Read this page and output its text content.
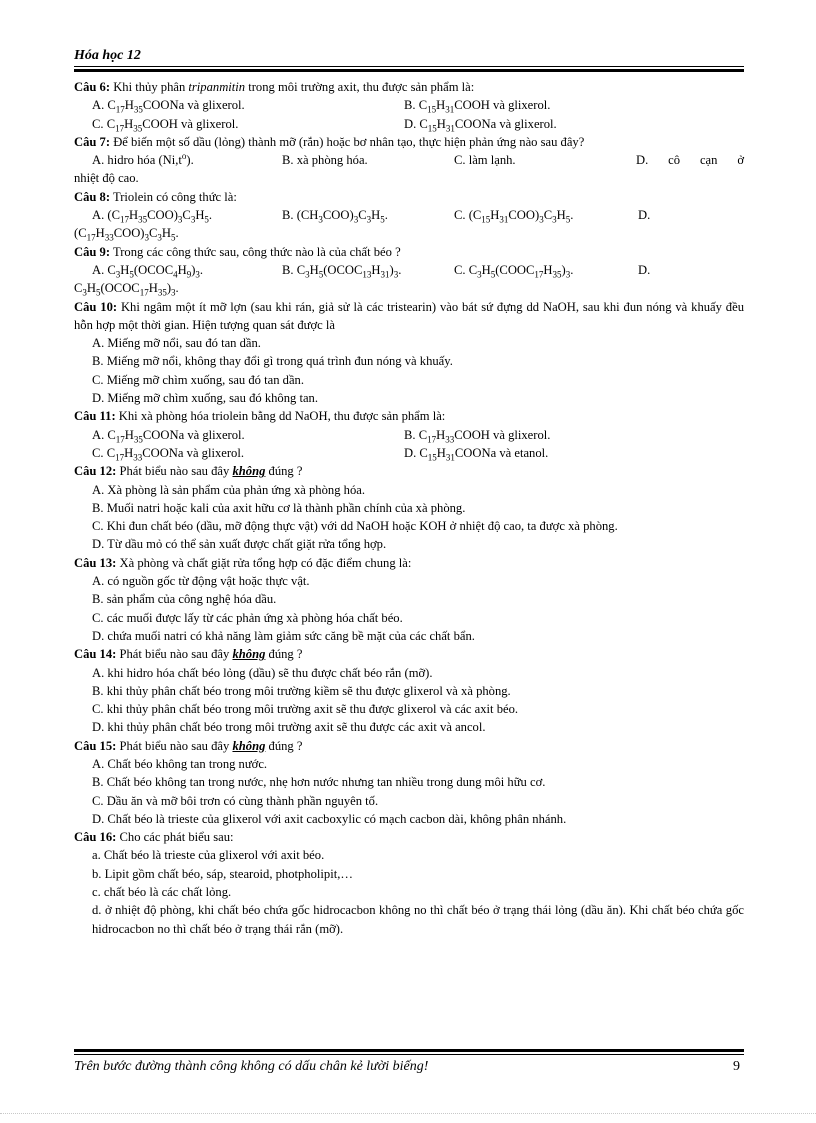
Hóa học 12
Câu 6: Khi thủy phân tripanmitin trong môi trường axit, thu được sản phẩm là:
A. $C_{17}H_{35}COONa$ và glixerol.	B. $C_{15}H_{31}COOH$ và glixerol.
C. $C_{17}H_{35}COOH$ và glixerol.	D. $C_{15}H_{31}COONa$ và glixerol.
Câu 7: Để biến một số dầu (lỏng) thành mỡ (rắn) hoặc bơ nhân tạo, thực hiện phản ứng nào sau đây?
A. hidro hóa $(Ni,t^o)$.	B. xà phòng hóa.	C. làm lạnh.	D. cô cạn ở
nhiệt độ cao.
Câu 8: Triolein có công thức là:
A. $(C_{17}H_{35}COO)_3C_3H_5$.	B. $(CH_3COO)_3C_3H_5$.	C. $(C_{15}H_{31}COO)_3C_3H_5$.	D.
$(C_{17}H_{33}COO)_3C_3H_5$.
Câu 9: Trong các công thức sau, công thức nào là của chất béo ?
A. $C_3H_5(OCOC_4H_9)_3$.	B. $C_3H_5(OCOC_{13}H_{31})_3$.	C. $C_3H_5(COOC_{17}H_{35})_3$.	D.
$C_3H_5(OCOC_{17}H_{35})_3$.
Câu 10: Khi ngâm một ít mỡ lợn (sau khi rán, giả sử là các tristearin) vào bát sứ đựng dd NaOH, sau khi đun nóng và khuấy đều hỗn hợp một thời gian. Hiện tượng quan sát được là
A. Miếng mỡ nổi, sau đó tan dần.
B. Miếng mỡ nổi, không thay đổi gì trong quá trình đun nóng và khuấy.
C. Miếng mỡ chìm xuống, sau đó tan dần.
D. Miếng mỡ chìm xuống, sau đó không tan.
Câu 11: Khi xà phòng hóa triolein bằng dd NaOH, thu được sản phẩm là:
A. $C_{17}H_{35}COONa$ và glixerol.	B. $C_{17}H_{33}COOH$ và glixerol.
C. $C_{17}H_{33}COONa$ và glixerol.	D. $C_{15}H_{31}COONa$ và etanol.
Câu 12: Phát biểu nào sau đây không đúng ?
A. Xà phòng là sản phẩm của phản ứng xà phòng hóa.
B. Muối natri hoặc kali của axit hữu cơ là thành phần chính của xà phòng.
C. Khi đun chất béo (dầu, mỡ động thực vật) với dd NaOH hoặc KOH ở nhiệt độ cao, ta được xà phòng.
D. Từ dầu mỏ có thể sản xuất được chất giặt rửa tổng hợp.
Câu 13: Xà phòng và chất giặt rửa tổng hợp có đặc điểm chung là:
A. có nguồn gốc từ động vật hoặc thực vật.
B. sản phẩm của công nghệ hóa dầu.
C. các muối được lấy từ các phản ứng xà phòng hóa chất béo.
D. chứa muối natri có khả năng làm giảm sức căng bề mặt của các chất bẩn.
Câu 14: Phát biểu nào sau đây không đúng ?
A. khi hidro hóa chất béo lỏng (dầu) sẽ thu được chất béo rắn (mỡ).
B. khi thủy phân chất béo trong môi trường kiềm sẽ thu được glixerol và xà phòng.
C. khi thủy phân chất béo trong môi trường axit sẽ thu được glixerol và các axit béo.
D. khi thủy phân chất béo trong môi trường axit sẽ thu được các axit và ancol.
Câu 15: Phát biểu nào sau đây không đúng ?
A. Chất béo không tan trong nước.
B. Chất béo không tan trong nước, nhẹ hơn nước nhưng tan nhiều trong dung môi hữu cơ.
C. Dầu ăn và mỡ bôi trơn có cùng thành phần nguyên tố.
D. Chất béo là trieste của glixerol với axit cacboxylic có mạch cacbon dài, không phân nhánh.
Câu 16: Cho các phát biểu sau:
a. Chất béo là trieste của glixerol với axit béo.
b. Lipit gồm chất béo, sáp, stearoid, photpholipit,…
c. chất béo là các chất lỏng.
d. ở nhiệt độ phòng, khi chất béo chứa gốc hidrocacbon không no thì chất béo ở trạng thái lỏng (dầu ăn). Khi chất béo chứa gốc hidrocacbon no thì chất béo ở trạng thái rắn (mỡ).
Trên bước đường thành công không có dấu chân kẻ lười biếng!	9
